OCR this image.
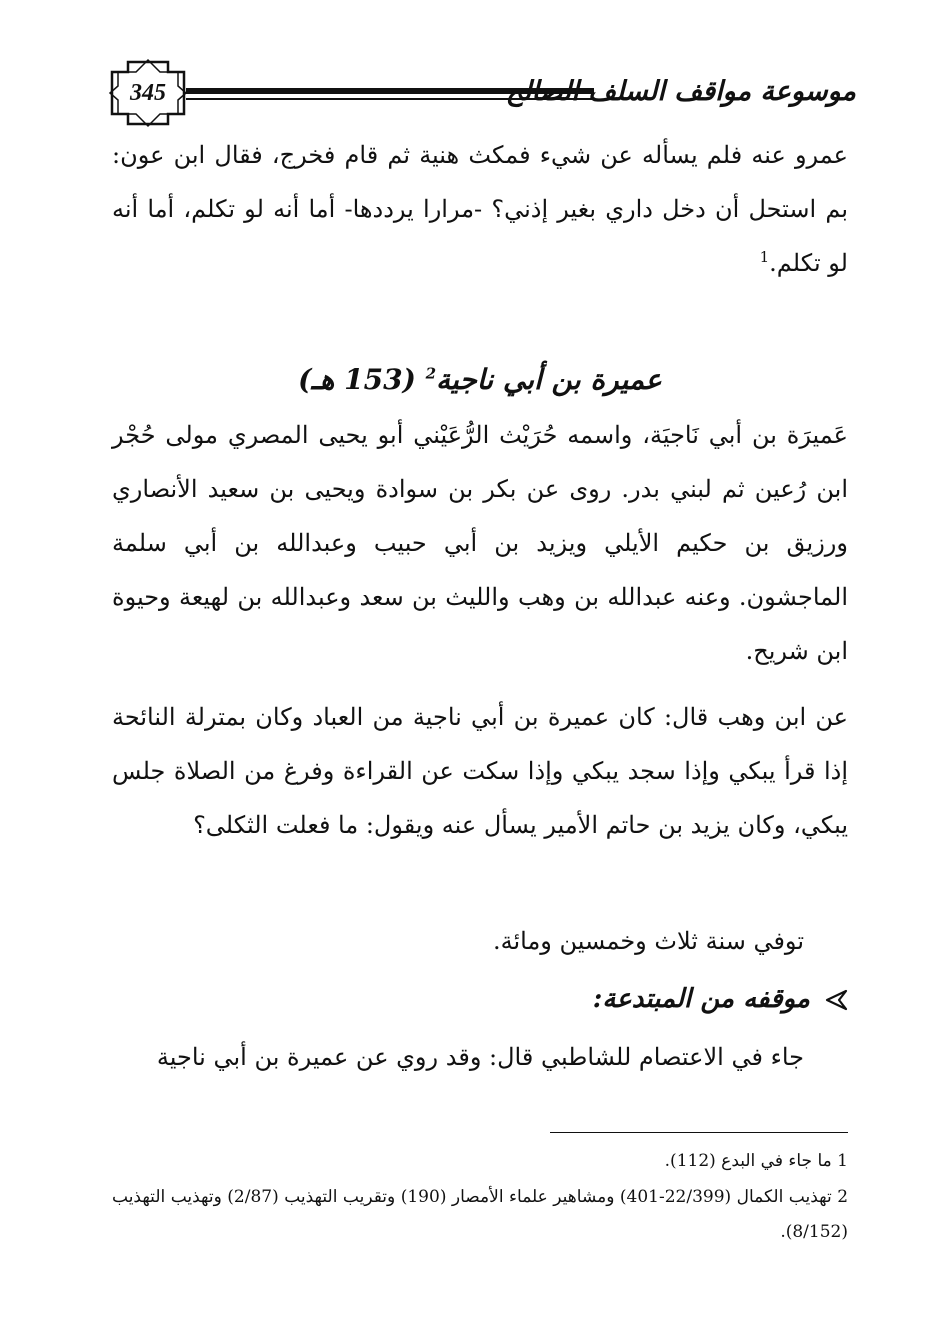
345	موسوعة مواقف السلف الصالح

عمرو عنه فلم يسأله عن شيء فمكث هنية ثم قام فخرج، فقال ابن عون: بم استحل أن دخل داري بغير إذني؟ -مرارا يرددها- أما أنه لو تكلم، أما أنه لو تكلم.$^1$

عميرة بن أبي ناجية$^2$ (153 هـ)

عَميرَة بن أبي نَاجيَة، واسمه حُرَيْث الرُّعَيْني أبو يحيى المصري مولى حُجْر ابن رُعين ثم لبني بدر. روى عن بكر بن سوادة ويحيى بن سعيد الأنصاري ورزيق بن حكيم الأيلي ويزيد بن أبي حبيب وعبدالله بن أبي سلمة الماجشون. وعنه عبدالله بن وهب والليث بن سعد وعبدالله بن لهيعة وحيوة ابن شريح.

عن ابن وهب قال: كان عميرة بن أبي ناجية من العباد وكان بمترلة النائحة إذا قرأ يبكي وإذا سجد يبكي وإذا سكت عن القراءة وفرغ من الصلاة جلس يبكي، وكان يزيد بن حاتم الأمير يسأل عنه ويقول: ما فعلت الثكلى؟

توفي سنة ثلاث وخمسين ومائة.

موقفه من المبتدعة:

جاء في الاعتصام للشاطبي قال: وقد روي عن عميرة بن أبي ناجية

1 ما جاء في البدع (112).

2 تهذيب الكمال (22/399-401) ومشاهير علماء الأمصار (190) وتقريب التهذيب (2/87) وتهذيب التهذيب (8/152).
